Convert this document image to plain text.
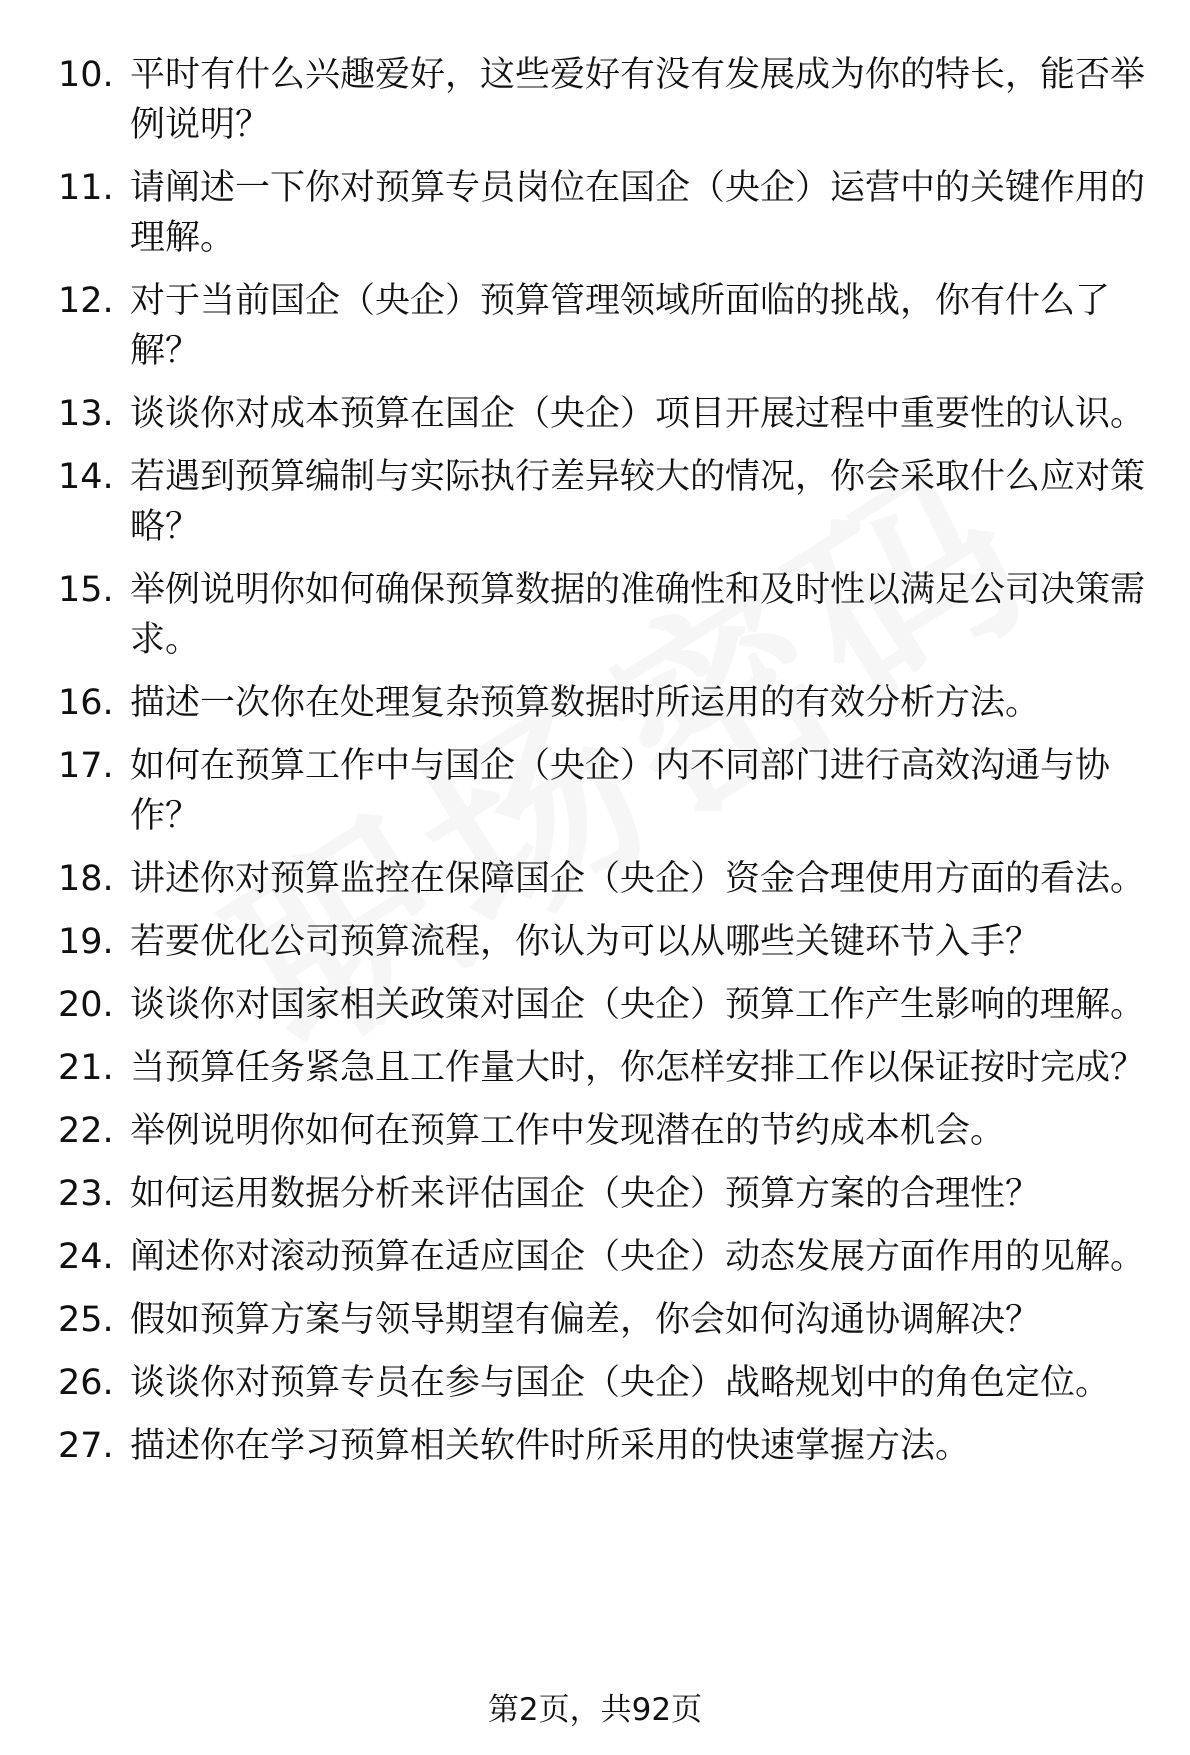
10. 平时有什么兴趣爱好，这些爱好有没有发展成为你的特长，能否举例说明？
11. 请阐述一下你对预算专员岗位在国企（央企）运营中的关键作用的理解。
12. 对于当前国企（央企）预算管理领域所面临的挑战，你有什么了解？
13. 谈谈你对成本预算在国企（央企）项目开展过程中重要性的认识。
14. 若遇到预算编制与实际执行差异较大的情况，你会采取什么应对策略？
15. 举例说明你如何确保预算数据的准确性和及时性以满足公司决策需求。
16. 描述一次你在处理复杂预算数据时所运用的有效分析方法。
17. 如何在预算工作中与国企（央企）内不同部门进行高效沟通与协作？
18. 讲述你对预算监控在保障国企（央企）资金合理使用方面的看法。
19. 若要优化公司预算流程，你认为可以从哪些关键环节入手？
20. 谈谈你对国家相关政策对国企（央企）预算工作产生影响的理解。
21. 当预算任务紧急且工作量大时，你怎样安排工作以保证按时完成？
22. 举例说明你如何在预算工作中发现潜在的节约成本机会。
23. 如何运用数据分析来评估国企（央企）预算方案的合理性？
24. 阐述你对滚动预算在适应国企（央企）动态发展方面作用的见解。
25. 假如预算方案与领导期望有偏差，你会如何沟通协调解决？
26. 谈谈你对预算专员在参与国企（央企）战略规划中的角色定位。
27. 描述你在学习预算相关软件时所采用的快速掌握方法。
第2页，共92页
